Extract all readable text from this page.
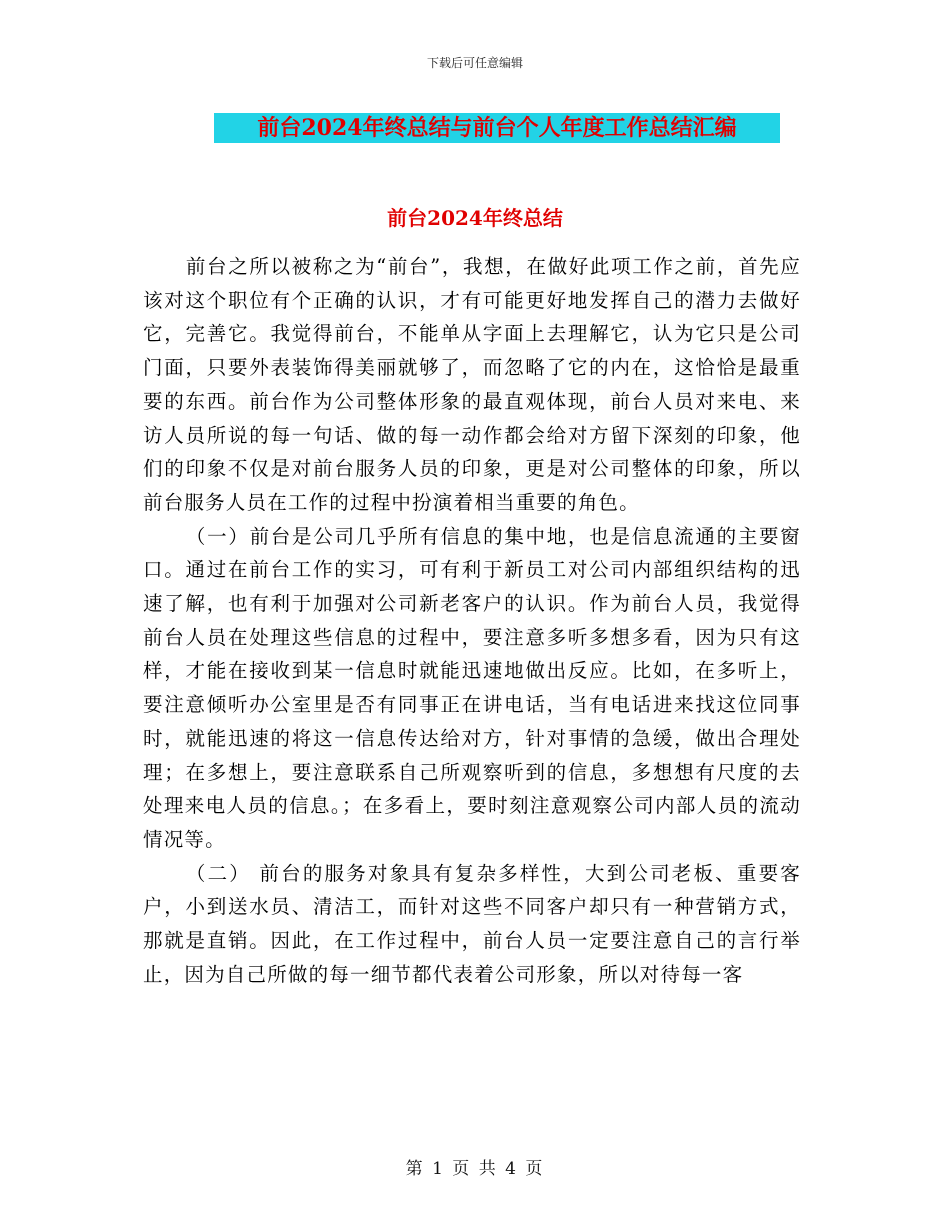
下载后可任意编辑
前台2024年终总结与前台个人年度工作总结汇编
前台2024年终总结

前台之所以被称之为“前台”，我想，在做好此项工作之前，首先应该对这个职位有个正确的认识，才有可能更好地发挥自己的潜力去做好它，完善它。我觉得前台，不能单从字面上去理解它，认为它只是公司门面，只要外表装饰得美丽就够了，而忽略了它的内在，这恰恰是最重要的东西。前台作为公司整体形象的最直观体现，前台人员对来电、来访人员所说的每一句话、做的每一动作都会给对方留下深刻的印象，他们的印象不仅是对前台服务人员的印象，更是对公司整体的印象，所以前台服务人员在工作的过程中扮演着相当重要的角色。

（一）前台是公司几乎所有信息的集中地，也是信息流通的主要窗口。通过在前台工作的实习，可有利于新员工对公司内部组织结构的迅速了解，也有利于加强对公司新老客户的认识。作为前台人员，我觉得前台人员在处理这些信息的过程中，要注意多听多想多看，因为只有这样，才能在接收到某一信息时就能迅速地做出反应。比如，在多听上，要注意倾听办公室里是否有同事正在讲电话，当有电话进来找这位同事时，就能迅速的将这一信息传达给对方，针对事情的急缓，做出合理处理；在多想上，要注意联系自己所观察听到的信息，多想想有尺度的去处理来电人员的信息。；在多看上，要时刻注意观察公司内部人员的流动情况等。

（二） 前台的服务对象具有复杂多样性，大到公司老板、重要客户，小到送水员、清洁工，而针对这些不同客户却只有一种营销方式，那就是直销。因此，在工作过程中，前台人员一定要注意自己的言行举止，因为自己所做的每一细节都代表着公司形象，所以对待每一客

第 1 页 共 4 页
